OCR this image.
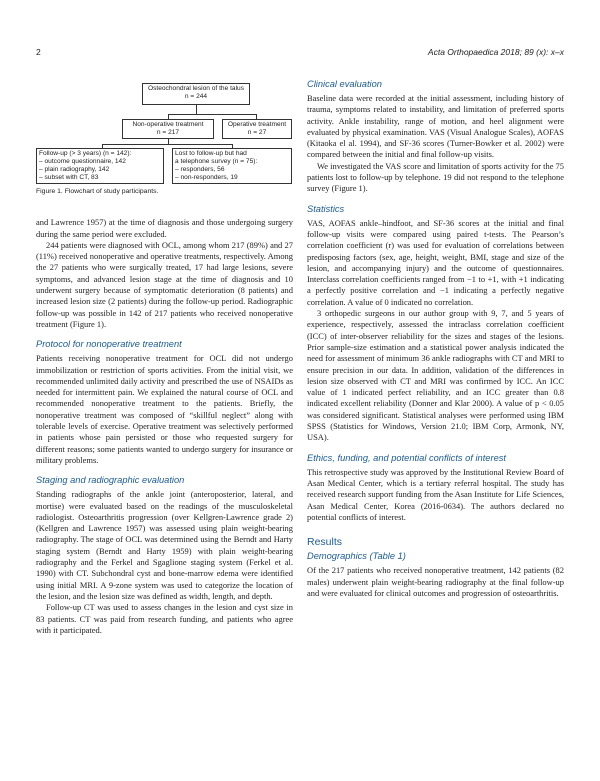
2	Acta Orthopaedica 2018; 89 (x): x–x
Osteochondral lesion of the talus
n = 244
Non-operative treatment
n = 217
Operative treatment
n = 27
Follow-up (> 3 years) (n = 142):
– outcome questionnaire, 142
– plain radiography, 142
– subset with CT, 83
Lost to follow-up but had
a telephone survey (n = 75):
– responders, 56
– non-responders, 19
Figure 1. Flowchart of study participants.

and Lawrence 1957) at the time of diagnosis and those undergoing surgery during the same period were excluded.

244 patients were diagnosed with OCL, among whom 217 (89%) and 27 (11%) received nonoperative and operative treatments, respectively. Among the 27 patients who were surgically treated, 17 had large lesions, severe symptoms, and advanced lesion stage at the time of diagnosis and 10 underwent surgery because of symptomatic deterioration (8 patients) and increased lesion size (2 patients) during the follow-up period. Radiographic follow-up was possible in 142 of 217 patients who received nonoperative treatment (Figure 1).

Protocol for nonoperative treatment

Patients receiving nonoperative treatment for OCL did not undergo immobilization or restriction of sports activities. From the initial visit, we recommended unlimited daily activity and prescribed the use of NSAIDs as needed for intermittent pain. We explained the natural course of OCL and recommended nonoperative treatment to the patients. Briefly, the nonoperative treatment was composed of “skillful neglect” along with tolerable levels of exercise. Operative treatment was selectively performed in patients whose pain persisted or those who requested surgery for different reasons; some patients wanted to undergo surgery for insurance or military problems.

Staging and radiographic evaluation

Standing radiographs of the ankle joint (anteroposterior, lateral, and mortise) were evaluated based on the readings of the musculoskeletal radiologist. Osteoarthritis progression (over Kellgren-Lawrence grade 2) (Kellgren and Lawrence 1957) was assessed using plain weight-bearing radiography. The stage of OCL was determined using the Berndt and Harty staging system (Berndt and Harty 1959) with plain weight-bearing radiography and the Ferkel and Sgaglione staging system (Ferkel et al. 1990) with CT. Subchondral cyst and bone-marrow edema were identified using initial MRI. A 9-zone system was used to categorize the location of the lesion, and the lesion size was defined as width, length, and depth.

Follow-up CT was used to assess changes in the lesion and cyst size in 83 patients. CT was paid from research funding, and patients who agree with it participated.

Clinical evaluation

Baseline data were recorded at the initial assessment, including history of trauma, symptoms related to instability, and limitation of preferred sports activity. Ankle instability, range of motion, and heel alignment were evaluated by physical examination. VAS (Visual Analogue Scales), AOFAS (Kitaoka el al. 1994), and SF-36 scores (Turner-Bowker et al. 2002) were compared between the initial and final follow-up visits.

We investigated the VAS score and limitation of sports activity for the 75 patients lost to follow-up by telephone. 19 did not respond to the telephone survey (Figure 1).

Statistics

VAS, AOFAS ankle–hindfoot, and SF-36 scores at the initial and final follow-up visits were compared using paired t-tests. The Pearson’s correlation coefficient (r) was used for evaluation of correlations between predisposing factors (sex, age, height, weight, BMI, stage and size of the lesion, and accompanying injury) and the outcome of questionnaires. Interclass correlation coefficients ranged from −1 to +1, with +1 indicating a perfectly positive correlation and −1 indicating a perfectly negative correlation. A value of 0 indicated no correlation.

3 orthopedic surgeons in our author group with 9, 7, and 5 years of experience, respectively, assessed the intraclass correlation coefficient (ICC) of inter-observer reliability for the sizes and stages of the lesions. Prior sample-size estimation and a statistical power analysis indicated the need for assessment of minimum 36 ankle radiographs with CT and MRI to ensure precision in our data. In addition, validation of the differences in lesion size observed with CT and MRI was confirmed by ICC. An ICC value of 1 indicated perfect reliability, and an ICC greater than 0.8 indicated excellent reliability (Donner and Klar 2000). A value of p < 0.05 was considered significant. Statistical analyses were performed using IBM SPSS (Statistics for Windows, Version 21.0; IBM Corp, Armonk, NY, USA).

Ethics, funding, and potential conflicts of interest

This retrospective study was approved by the Institutional Review Board of Asan Medical Center, which is a tertiary referral hospital. The study has received research support funding from the Asan Institute for Life Sciences, Asan Medical Center, Korea (2016-0634). The authors declared no potential conflicts of interest.

Results
Demographics (Table 1)

Of the 217 patients who received nonoperative treatment, 142 patients (82 males) underwent plain weight-bearing radiography at the final follow-up and were evaluated for clinical outcomes and progression of osteoarthritis.
